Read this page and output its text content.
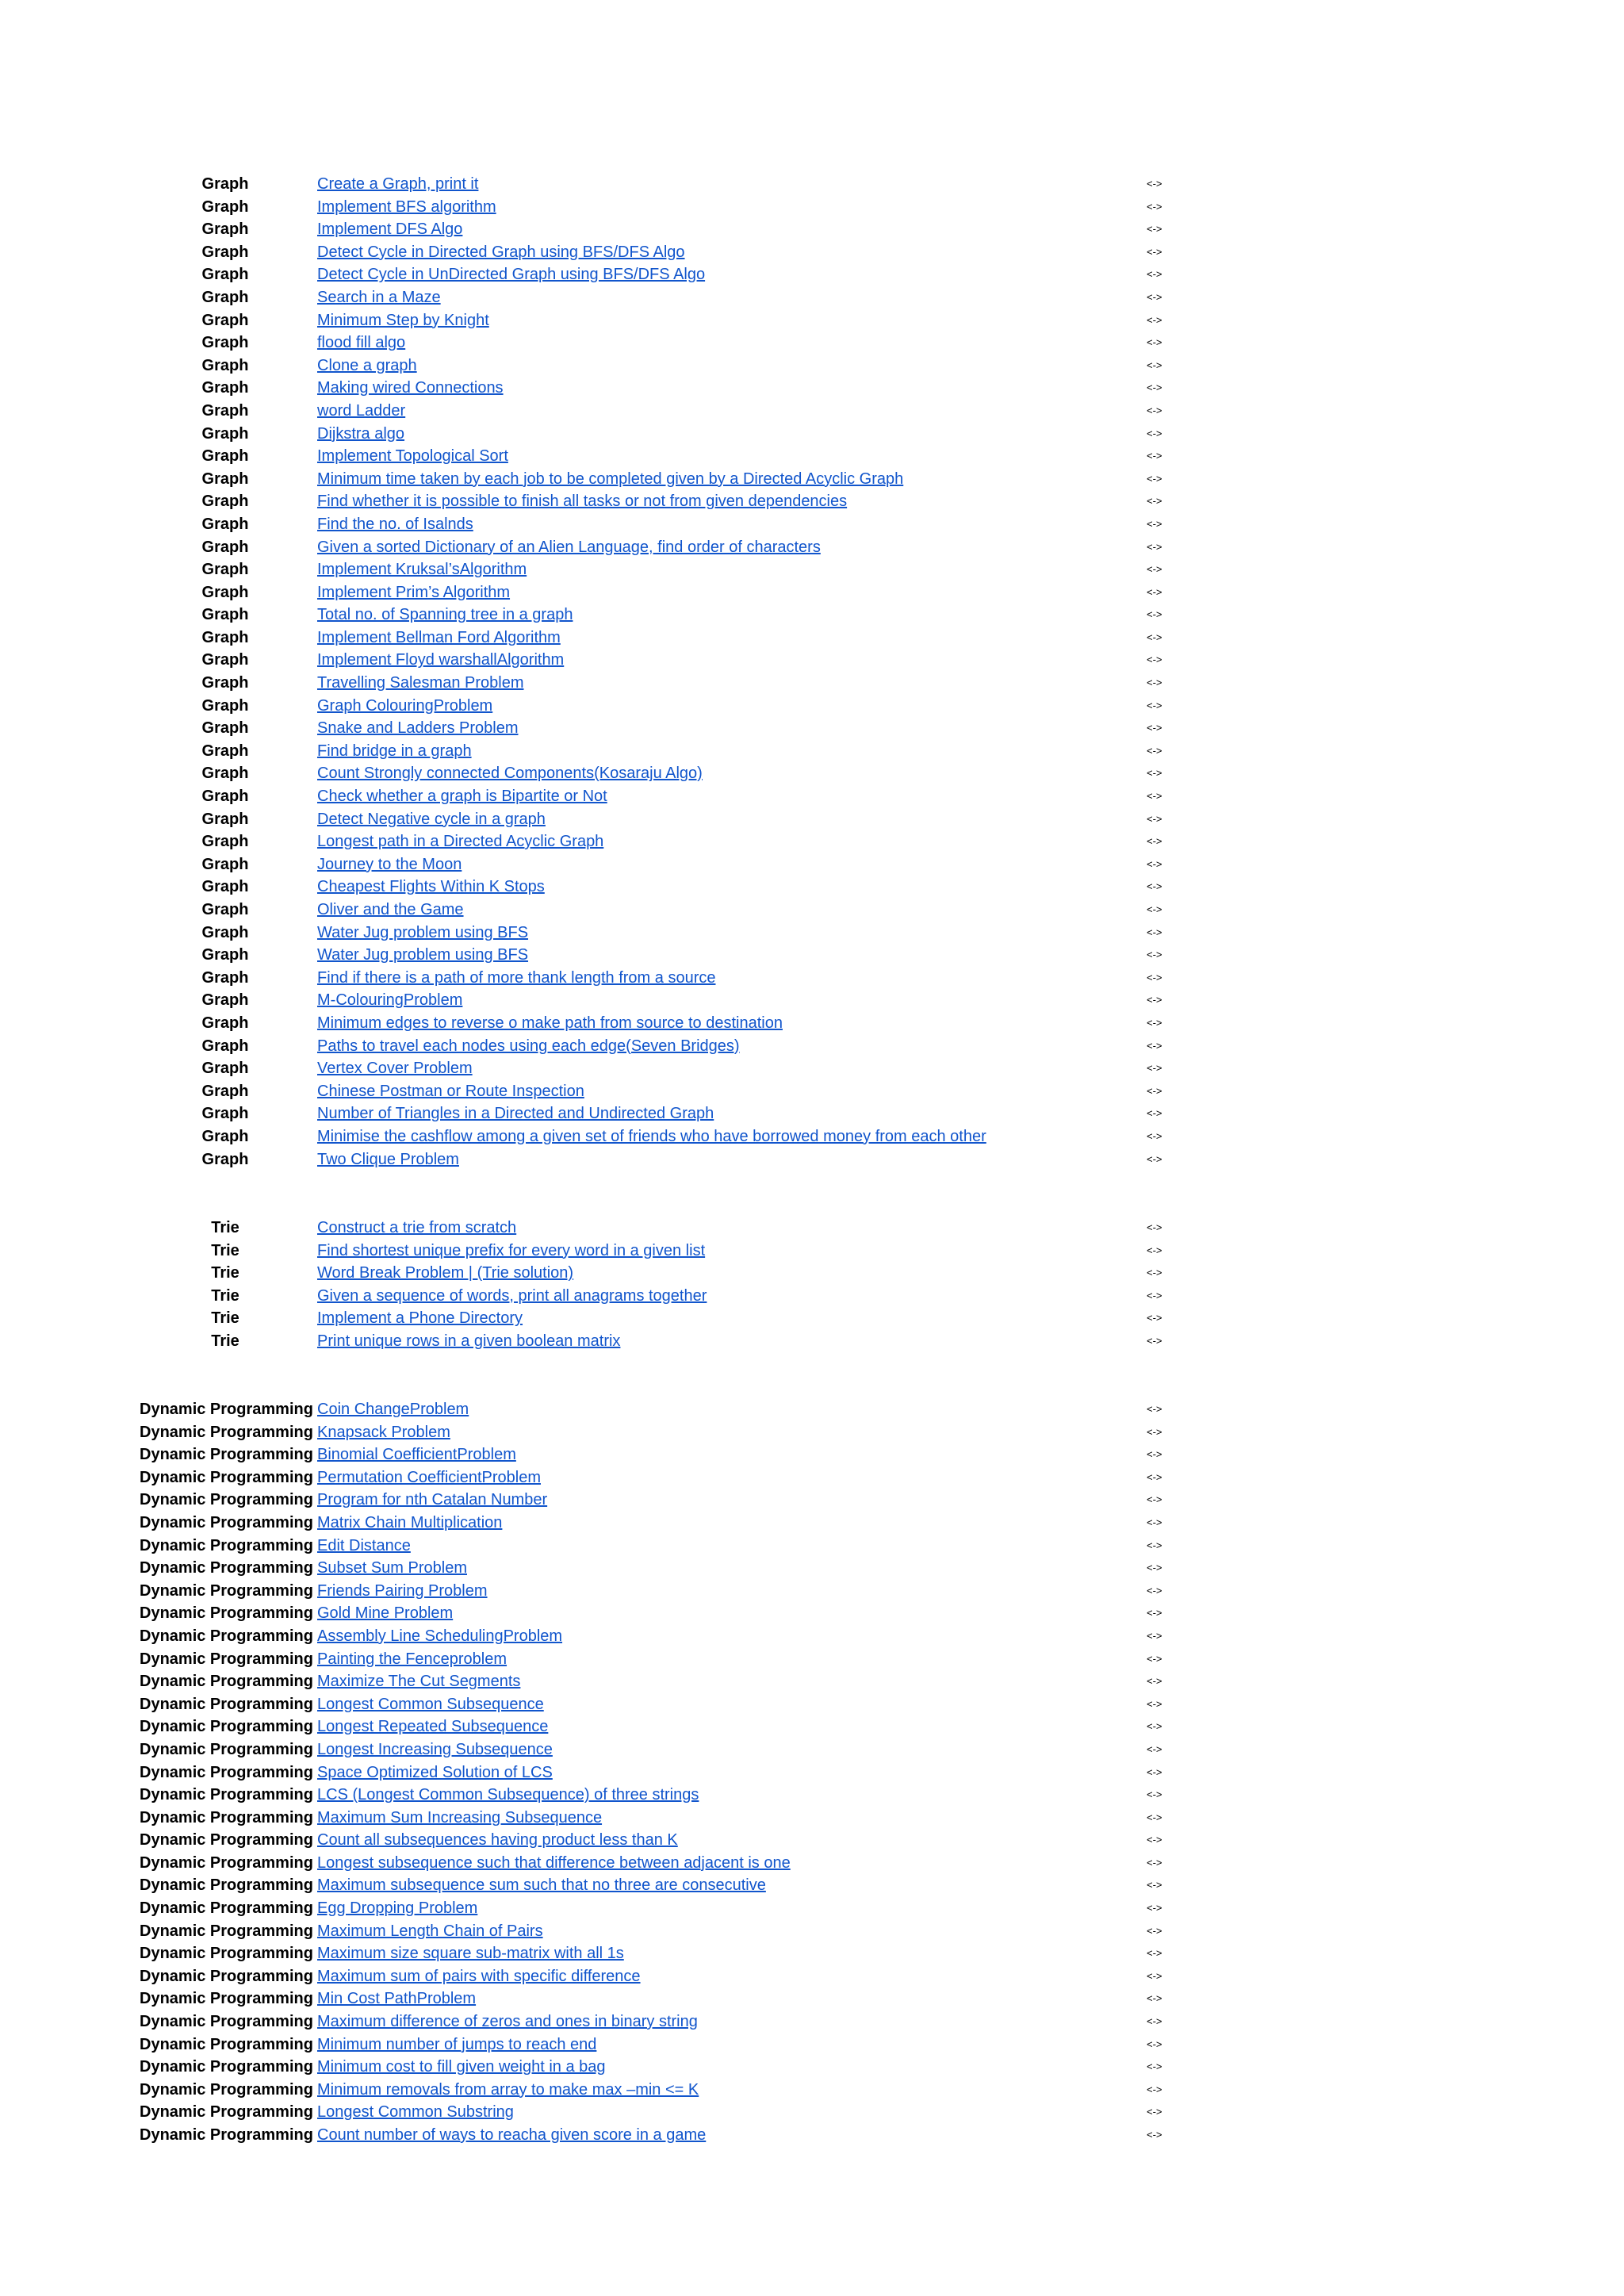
Graph	Create a Graph, print it	<->
Graph	Implement BFS algorithm	<->
Graph	Implement DFS Algo	<->
Graph	Detect Cycle in Directed Graph using BFS/DFS Algo	<->
Graph	Detect Cycle in UnDirected Graph using BFS/DFS Algo	<->
Graph	Search in a Maze	<->
Graph	Minimum Step by Knight	<->
Graph	flood fill algo	<->
Graph	Clone a graph	<->
Graph	Making wired Connections	<->
Graph	word Ladder	<->
Graph	Dijkstra algo	<->
Graph	Implement Topological Sort	<->
Graph	Minimum time taken by each job to be completed given by a Directed Acyclic Graph	<->
Graph	Find whether it is possible to finish all tasks or not from given dependencies	<->
Graph	Find the no. of Isalnds	<->
Graph	Given a sorted Dictionary of an Alien Language, find order of characters	<->
Graph	Implement Kruksal’sAlgorithm	<->
Graph	Implement Prim’s Algorithm	<->
Graph	Total no. of Spanning tree in a graph	<->
Graph	Implement Bellman Ford Algorithm	<->
Graph	Implement Floyd warshallAlgorithm	<->
Graph	Travelling Salesman Problem	<->
Graph	Graph ColouringProblem	<->
Graph	Snake and Ladders Problem	<->
Graph	Find bridge in a graph	<->
Graph	Count Strongly connected Components(Kosaraju Algo)	<->
Graph	Check whether a graph is Bipartite or Not	<->
Graph	Detect Negative cycle in a graph	<->
Graph	Longest path in a Directed Acyclic Graph	<->
Graph	Journey to the Moon	<->
Graph	Cheapest Flights Within K Stops	<->
Graph	Oliver and the Game	<->
Graph	Water Jug problem using BFS	<->
Graph	Water Jug problem using BFS	<->
Graph	Find if there is a path of more thank length from a source	<->
Graph	M-ColouringProblem	<->
Graph	Minimum edges to reverse o make path from source to destination	<->
Graph	Paths to travel each nodes using each edge(Seven Bridges)	<->
Graph	Vertex Cover Problem	<->
Graph	Chinese Postman or Route Inspection	<->
Graph	Number of Triangles in a Directed and Undirected Graph	<->
Graph	Minimise the cashflow among a given set of friends who have borrowed money from each other	<->
Graph	Two Clique Problem	<->
Trie	Construct a trie from scratch	<->
Trie	Find shortest unique prefix for every word in a given list	<->
Trie	Word Break Problem | (Trie solution)	<->
Trie	Given a sequence of words, print all anagrams together	<->
Trie	Implement a Phone Directory	<->
Trie	Print unique rows in a given boolean matrix	<->
Dynamic Programming Coin ChangeProblem	<->
Dynamic Programming Knapsack Problem	<->
Dynamic Programming Binomial CoefficientProblem	<->
Dynamic Programming Permutation CoefficientProblem	<->
Dynamic Programming Program for nth Catalan Number	<->
Dynamic Programming Matrix Chain Multiplication	<->
Dynamic Programming Edit Distance	<->
Dynamic Programming Subset Sum Problem	<->
Dynamic Programming Friends Pairing Problem	<->
Dynamic Programming Gold Mine Problem	<->
Dynamic Programming Assembly Line SchedulingProblem	<->
Dynamic Programming Painting the Fenceproblem	<->
Dynamic Programming Maximize The Cut Segments	<->
Dynamic Programming Longest Common Subsequence	<->
Dynamic Programming Longest Repeated Subsequence	<->
Dynamic Programming Longest Increasing Subsequence	<->
Dynamic Programming Space Optimized Solution of LCS	<->
Dynamic Programming LCS (Longest Common Subsequence) of three strings	<->
Dynamic Programming Maximum Sum Increasing Subsequence	<->
Dynamic Programming Count all subsequences having product less than K	<->
Dynamic Programming Longest subsequence such that difference between adjacent is one	<->
Dynamic Programming Maximum subsequence sum such that no three are consecutive	<->
Dynamic Programming Egg Dropping Problem	<->
Dynamic Programming Maximum Length Chain of Pairs	<->
Dynamic Programming Maximum size square sub-matrix with all 1s	<->
Dynamic Programming Maximum sum of pairs with specific difference	<->
Dynamic Programming Min Cost PathProblem	<->
Dynamic Programming Maximum difference of zeros and ones in binary string	<->
Dynamic Programming Minimum number of jumps to reach end	<->
Dynamic Programming Minimum cost to fill given weight in a bag	<->
Dynamic Programming Minimum removals from array to make max –min <= K	<->
Dynamic Programming Longest Common Substring	<->
Dynamic Programming Count number of ways to reacha given score in a game	<->
